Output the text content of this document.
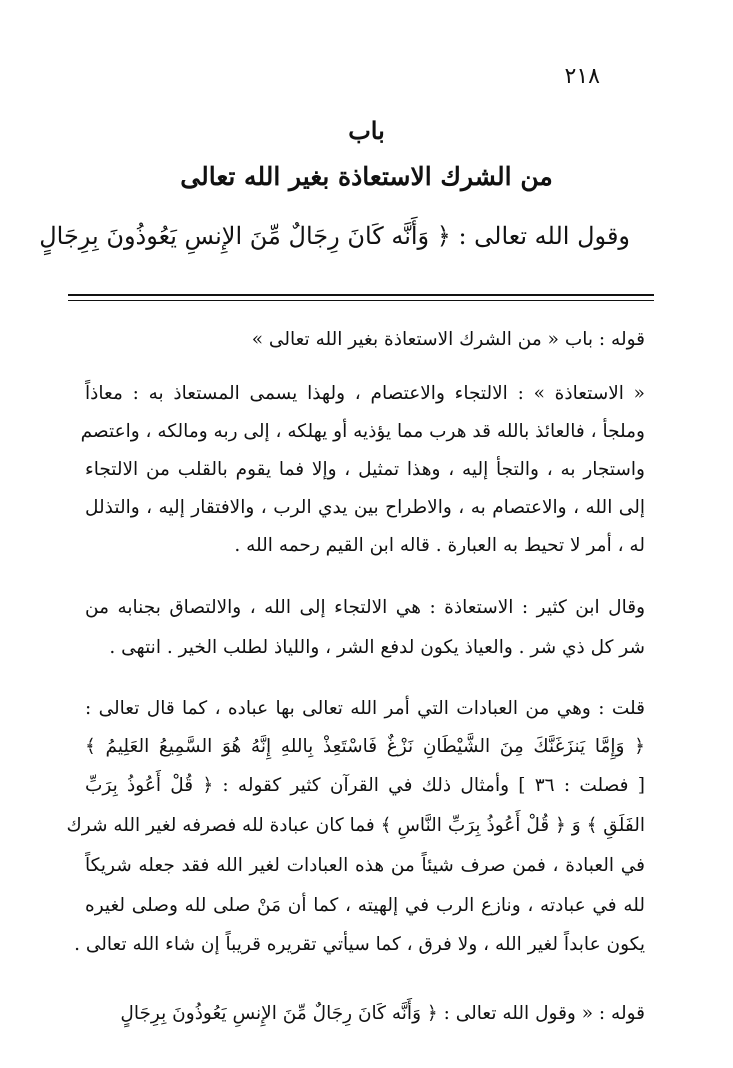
٢١٨
باب
من الشرك الاستعاذة بغير الله تعالى
وقول الله تعالى : ﴿ وَأَنَّه كَانَ رِجَالٌ مِّنَ الإِنسِ يَعُوذُونَ بِرِجَالٍ
قوله : باب « من الشرك الاستعاذة بغير الله تعالى »
« الاستعاذة » : الالتجاء والاعتصام ، ولهذا يسمى المستعاذ به : معاذاً
وملجأ ، فالعائذ بالله قد هرب مما يؤذيه أو يهلكه ، إلى ربه ومالكه ، واعتصم
واستجار به ، والتجأ إليه ، وهذا تمثيل ، وإلا فما يقوم بالقلب من الالتجاء
إلى الله ، والاعتصام به ، والاطراح بين يدي الرب ، والافتقار إليه ، والتذلل
له ، أمر لا تحيط به العبارة . قاله ابن القيم رحمه الله .
وقال ابن كثير : الاستعاذة : هي الالتجاء إلى الله ، والالتصاق بجنابه من
شر كل ذي شر . والعياذ يكون لدفع الشر ، واللياذ لطلب الخير . انتهى .
قلت : وهي من العبادات التي أمر الله تعالى بها عباده ، كما قال تعالى :
﴿ وَإِمَّا يَنزَغَنَّكَ مِنَ الشَّيْطَانِ نَزْغٌ فَاسْتَعِذْ بِاللهِ إِنَّهُ هُوَ السَّمِيعُ العَلِيمُ ﴾
[ فصلت : ٣٦ ] وأمثال ذلك في القرآن كثير كقوله : ﴿ قُلْ أَعُوذُ بِرَبِّ
الفَلَقِ ﴾ وَ ﴿ قُلْ أَعُوذُ بِرَبِّ النَّاسِ ﴾ فما كان عبادة لله فصرفه لغير الله شرك
في العبادة ، فمن صرف شيئاً من هذه العبادات لغير الله فقد جعله شريكاً
لله في عبادته ، ونازع الرب في إلهيته ، كما أن مَنْ صلى لله وصلى لغيره
يكون عابداً لغير الله ، ولا فرق ، كما سيأتي تقريره قريباً إن شاء الله تعالى .
قوله : « وقول الله تعالى : ﴿ وَأَنَّه كَانَ رِجَالٌ مِّنَ الإِنسِ يَعُوذُونَ بِرِجَالٍ
